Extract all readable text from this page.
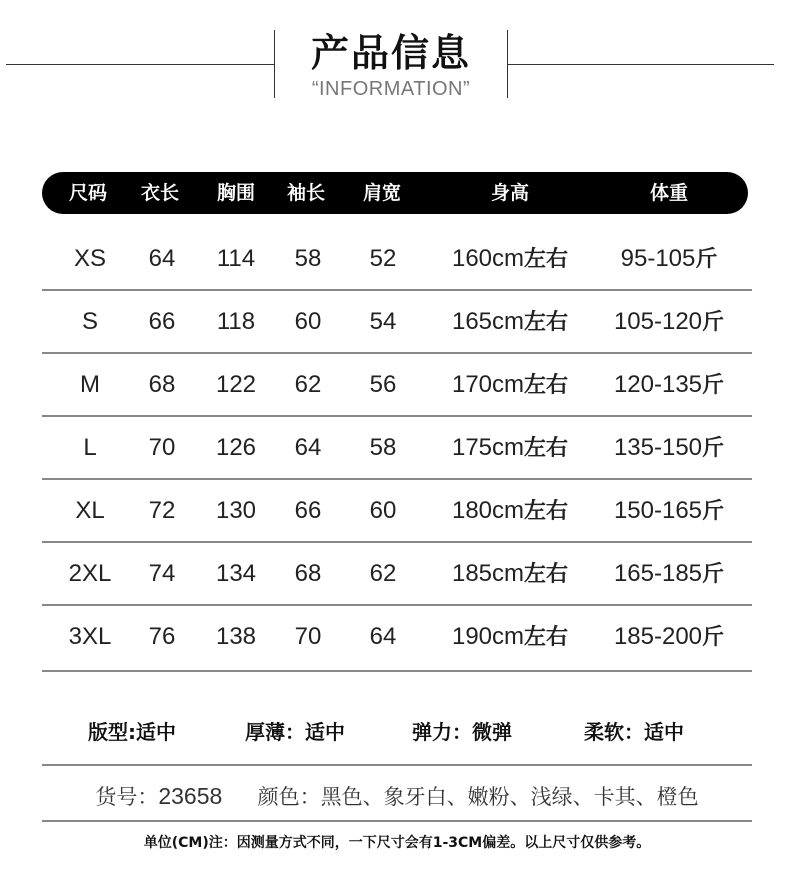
产品信息
“INFORMATION”
尺码 衣长 胸围 袖长 肩宽	身高	体重
XS 64 114 58 52 160cm左右 95-105斤
S 66 118 60 54 165cm左右 105-120斤
M 68 122 62 56 170cm左右 120-135斤
L 70 126 64 58 175cm左右 135-150斤
XL 72 130 66 60 180cm左右 150-165斤
2XL 74 134 68 62 185cm左右 165-185斤
3XL 76 138 70 64 190cm左右 185-200斤
版型:适中	厚薄：适中	弹力：微弹	柔软：适中
货号：23658 颜色：黑色、象牙白、嫩粉、浅绿、卡其、橙色
单位(CM)注：因测量方式不同，一下尺寸会有1-3CM偏差。以上尺寸仅供参考。
